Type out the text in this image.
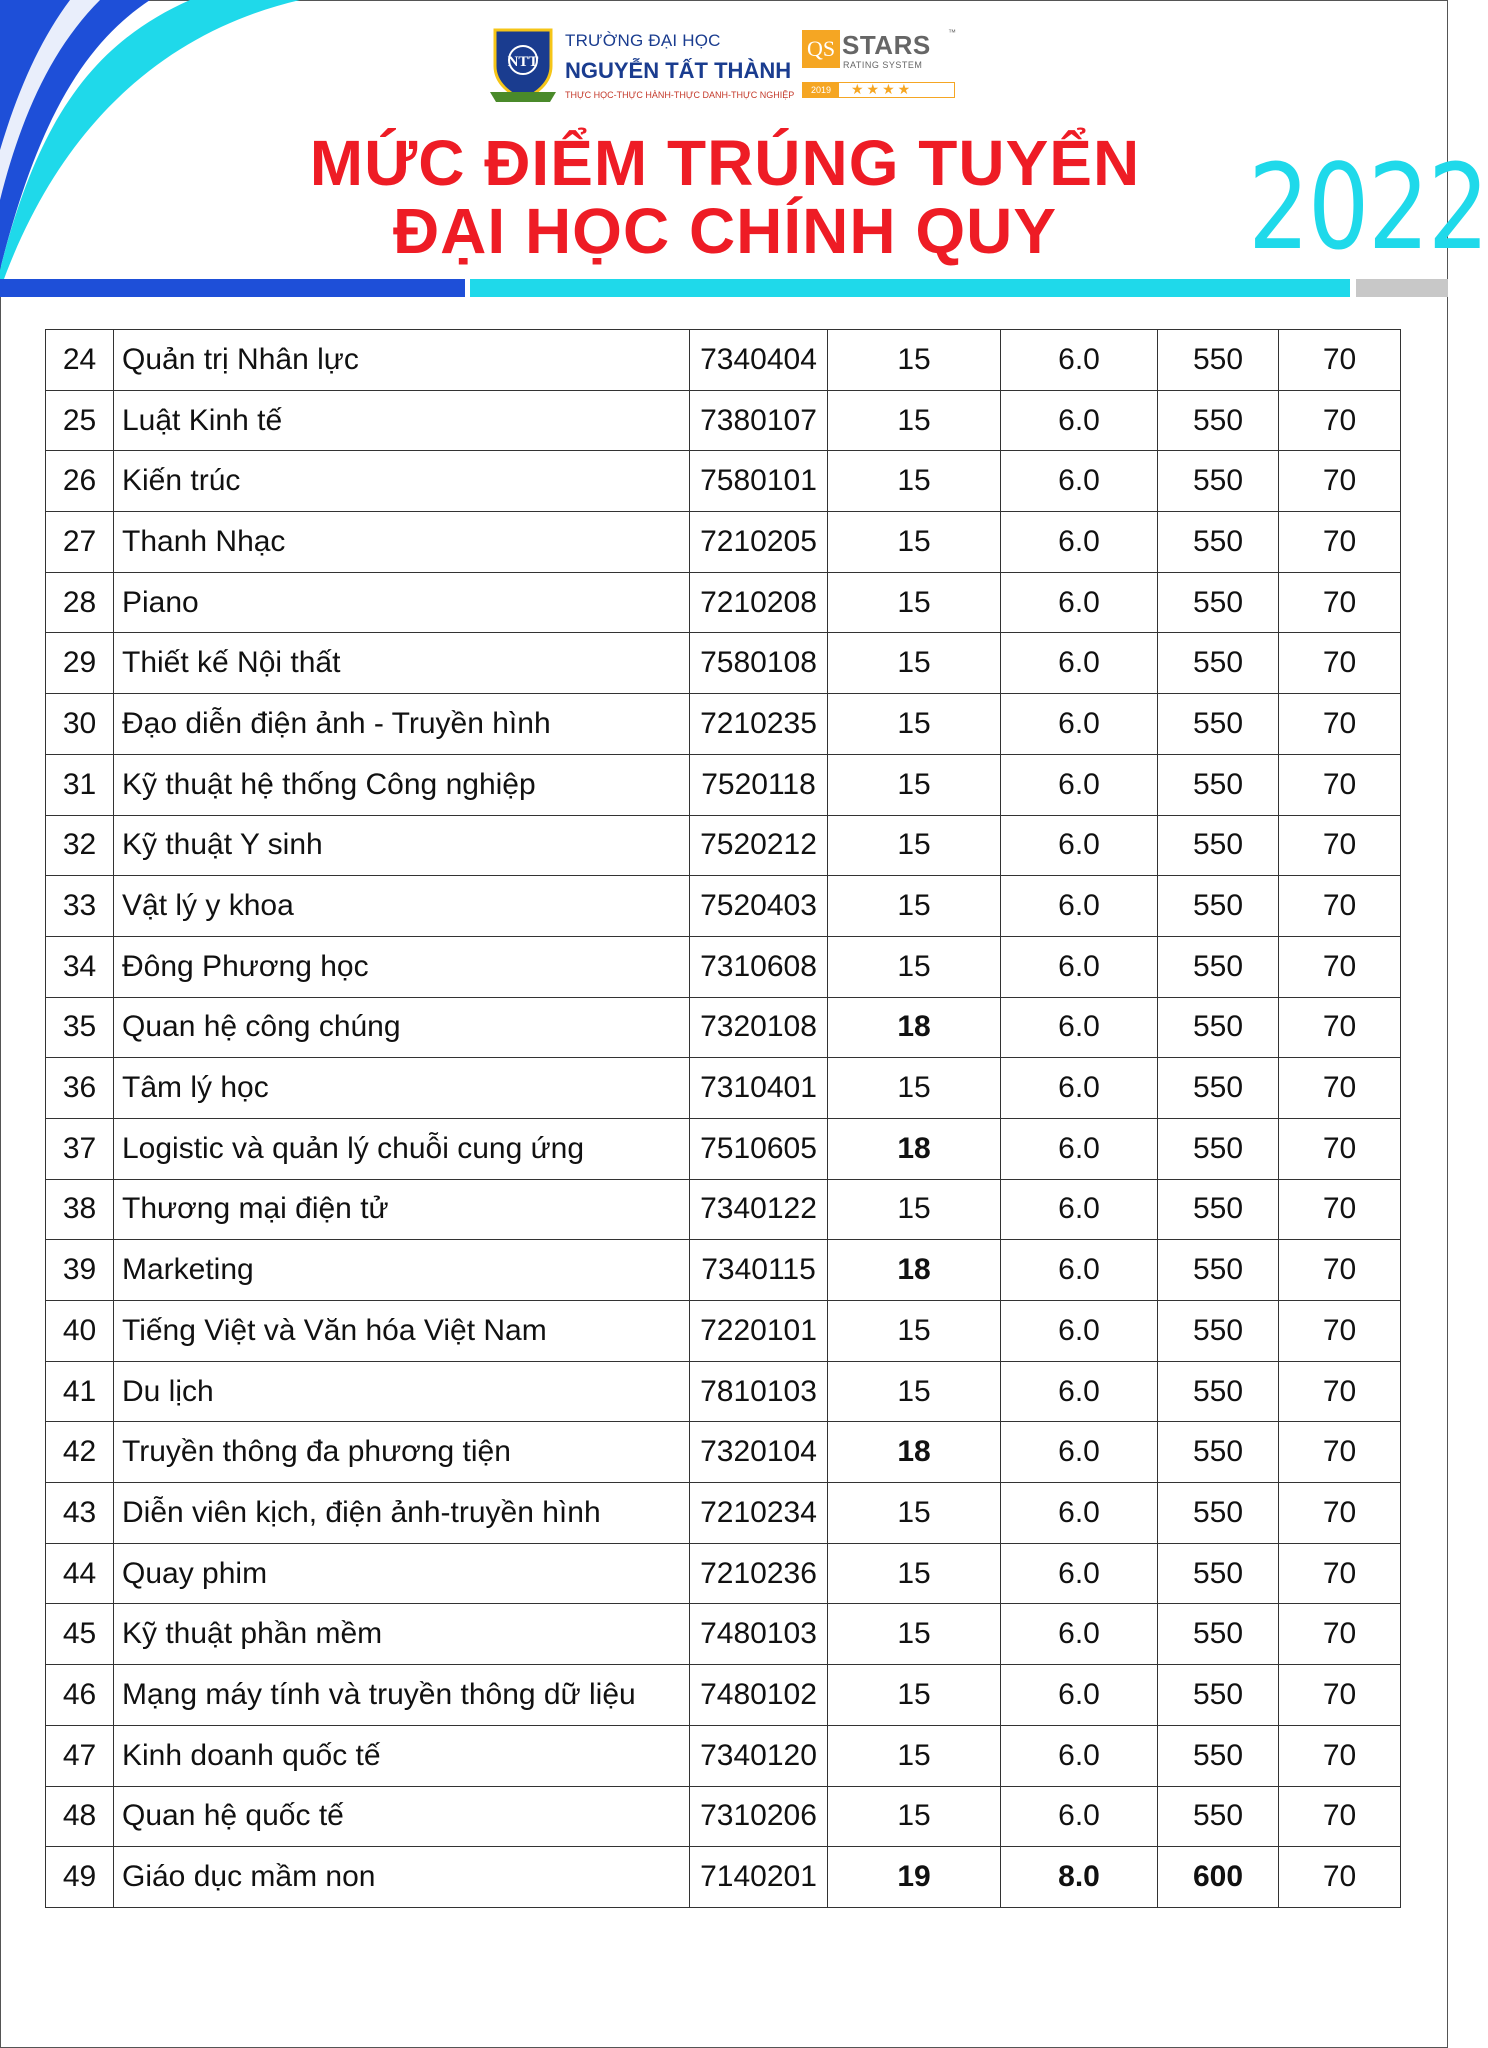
NTT
TRƯỜNG ĐẠI HỌC
NGUYỄN TẤT THÀNH
THỰC HỌC-THỰC HÀNH-THỰC DANH-THỰC NGHIỆP
QS STARS ™
RATING SYSTEM
2019	★★★★
MỨC ĐIỂM TRÚNG TUYỂN
ĐẠI HỌC CHÍNH QUY	2022
24	Quản trị Nhân lực	7340404	15	6.0	550	70
25	Luật Kinh tế	7380107	15	6.0	550	70
26	Kiến trúc	7580101	15	6.0	550	70
27	Thanh Nhạc	7210205	15	6.0	550	70
28	Piano	7210208	15	6.0	550	70
29	Thiết kế Nội thất	7580108	15	6.0	550	70
30	Đạo diễn điện ảnh - Truyền hình	7210235	15	6.0	550	70
31	Kỹ thuật hệ thống Công nghiệp	7520118	15	6.0	550	70
32	Kỹ thuật Y sinh	7520212	15	6.0	550	70
33	Vật lý y khoa	7520403	15	6.0	550	70
34	Đông Phương học	7310608	15	6.0	550	70
35	Quan hệ công chúng	7320108	18	6.0	550	70
36	Tâm lý học	7310401	15	6.0	550	70
37	Logistic và quản lý chuỗi cung ứng	7510605	18	6.0	550	70
38	Thương mại điện tử	7340122	15	6.0	550	70
39	Marketing	7340115	18	6.0	550	70
40	Tiếng Việt và Văn hóa Việt Nam	7220101	15	6.0	550	70
41	Du lịch	7810103	15	6.0	550	70
42	Truyền thông đa phương tiện	7320104	18	6.0	550	70
43	Diễn viên kịch, điện ảnh-truyền hình	7210234	15	6.0	550	70
44	Quay phim	7210236	15	6.0	550	70
45	Kỹ thuật phần mềm	7480103	15	6.0	550	70
46	Mạng máy tính và truyền thông dữ liệu	7480102	15	6.0	550	70
47	Kinh doanh quốc tế	7340120	15	6.0	550	70
48	Quan hệ quốc tế	7310206	15	6.0	550	70
49	Giáo dục mầm non	7140201	19	8.0	600	70
